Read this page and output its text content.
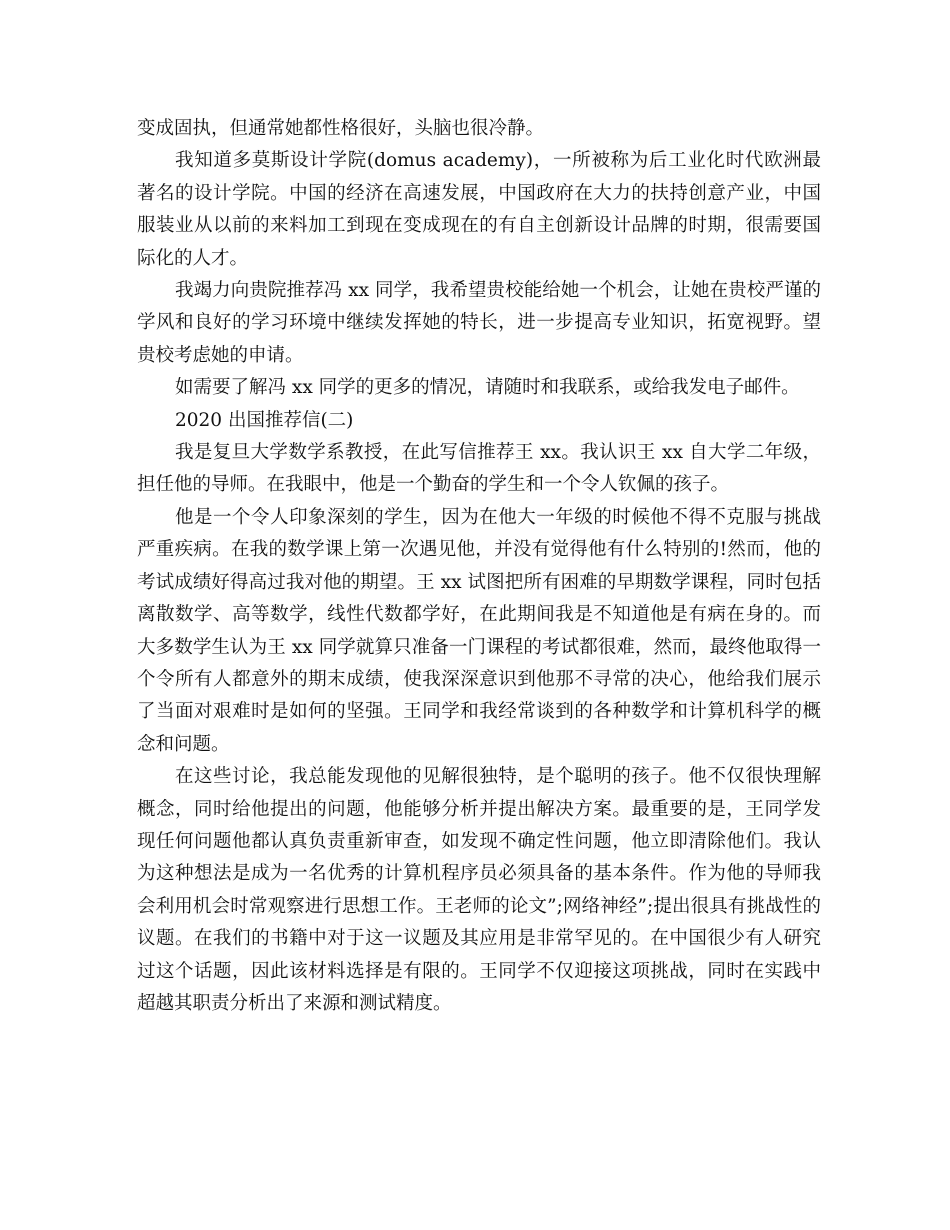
变成固执，但通常她都性格很好，头脑也很冷静。

我知道多莫斯设计学院(domus academy)，一所被称为后工业化时代欧洲最著名的设计学院。中国的经济在高速发展，中国政府在大力的扶持创意产业，中国服装业从以前的来料加工到现在变成现在的有自主创新设计品牌的时期，很需要国际化的人才。

我竭力向贵院推荐冯 xx 同学，我希望贵校能给她一个机会，让她在贵校严谨的学风和良好的学习环境中继续发挥她的特长，进一步提高专业知识，拓宽视野。望贵校考虑她的申请。

如需要了解冯 xx 同学的更多的情况，请随时和我联系，或给我发电子邮件。

2020 出国推荐信(二)

我是复旦大学数学系教授，在此写信推荐王 xx。我认识王 xx 自大学二年级，担任他的导师。在我眼中，他是一个勤奋的学生和一个令人钦佩的孩子。

他是一个令人印象深刻的学生，因为在他大一年级的时候他不得不克服与挑战严重疾病。在我的数学课上第一次遇见他，并没有觉得他有什么特别的!然而，他的考试成绩好得高过我对他的期望。王 xx 试图把所有困难的早期数学课程，同时包括离散数学、高等数学，线性代数都学好，在此期间我是不知道他是有病在身的。而大多数学生认为王 xx 同学就算只准备一门课程的考试都很难，然而，最终他取得一个令所有人都意外的期末成绩，使我深深意识到他那不寻常的决心，他给我们展示了当面对艰难时是如何的坚强。王同学和我经常谈到的各种数学和计算机科学的概念和问题。

在这些讨论，我总能发现他的见解很独特，是个聪明的孩子。他不仅很快理解概念，同时给他提出的问题，他能够分析并提出解决方案。最重要的是，王同学发现任何问题他都认真负责重新审查，如发现不确定性问题，他立即清除他们。我认为这种想法是成为一名优秀的计算机程序员必须具备的基本条件。作为他的导师我会利用机会时常观察进行思想工作。王老师的论文”;网络神经”;提出很具有挑战性的议题。在我们的书籍中对于这一议题及其应用是非常罕见的。在中国很少有人研究过这个话题，因此该材料选择是有限的。王同学不仅迎接这项挑战，同时在实践中超越其职责分析出了来源和测试精度。
